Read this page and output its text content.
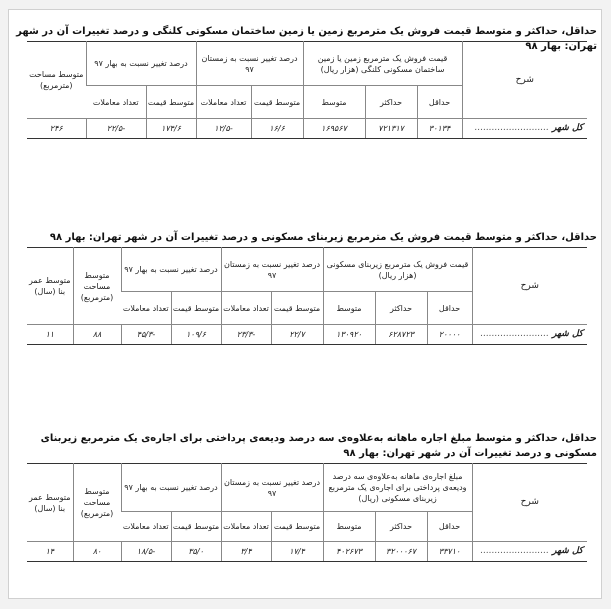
حداقل، حداکثر و متوسط قیمت فروش یک مترمربع زمین یا زمین ساختمان مسکونی کلنگی و درصد تغییرات آن در شهر تهران: بهار ۹۸
شرح	قیمت فروش یک مترمربع زمین یا زمین ساختمان مسکونی کلنگی (هزار ریال)			درصد تغییر نسبت به زمستان ۹۷		درصد تغییر نسبت به بهار ۹۷		متوسط مساحت (مترمربع)
	حداقل	حداکثر	متوسط	متوسط قیمت	تعداد معاملات	متوسط قیمت	تعداد معاملات	
کل شهر ..........................	۳۰۱۳۴	۷۲۱۳۱۷	۱۶۹۵۶۷	۱۶/۶	-۱۲/۵	۱۷۴/۶	-۲۲/۵	۲۴۶
حداقل، حداکثر و متوسط قیمت فروش یک مترمربع زیربنای مسکونی و درصد تغییرات آن در شهر تهران: بهار ۹۸
شرح	قیمت فروش یک مترمربع زیربنای مسکونی (هزار ریال)			درصد تغییر نسبت به زمستان ۹۷		درصد تغییر نسبت به بهار ۹۷		متوسط مساحت (مترمربع)	متوسط عمر بنا (سال)
	حداقل	حداکثر	متوسط	متوسط قیمت	تعداد معاملات	متوسط قیمت	تعداد معاملات		
کل شهر ........................	۲۰۰۰۰	۶۲۸۷۲۳	۱۳۰۹۲۰	۲۲/۷	-۲۳/۳	۱۰۹/۶	-۴۵/۳	۸۸	۱۱
حداقل، حداکثر و متوسط مبلغ اجاره ماهانه به‌علاوه‌ی سه درصد ودیعه‌ی پرداختی برای اجاره‌ی یک مترمربع زیربنای مسکونی و درصد تغییرات آن در شهر تهران: بهار ۹۸
شرح	مبلغ اجاره‌ی ماهانه به‌علاوه‌ی سه درصد ودیعه‌ی پرداختی برای اجاره‌ی یک مترمربع زیربنای مسکونی (ریال)			درصد تغییر نسبت به زمستان ۹۷		درصد تغییر نسبت به بهار ۹۷		متوسط مساحت (مترمربع)	متوسط عمر بنا (سال)
	حداقل	حداکثر	متوسط	متوسط قیمت	تعداد معاملات	متوسط قیمت	تعداد معاملات		
کل شهر ........................	۳۳۷۱۰	۳۲۰۰۰۶۷	۴۰۲۶۷۳	۱۷/۴	۳/۴	۳۵/۰	-۱۸/۵	۸۰	۱۴
